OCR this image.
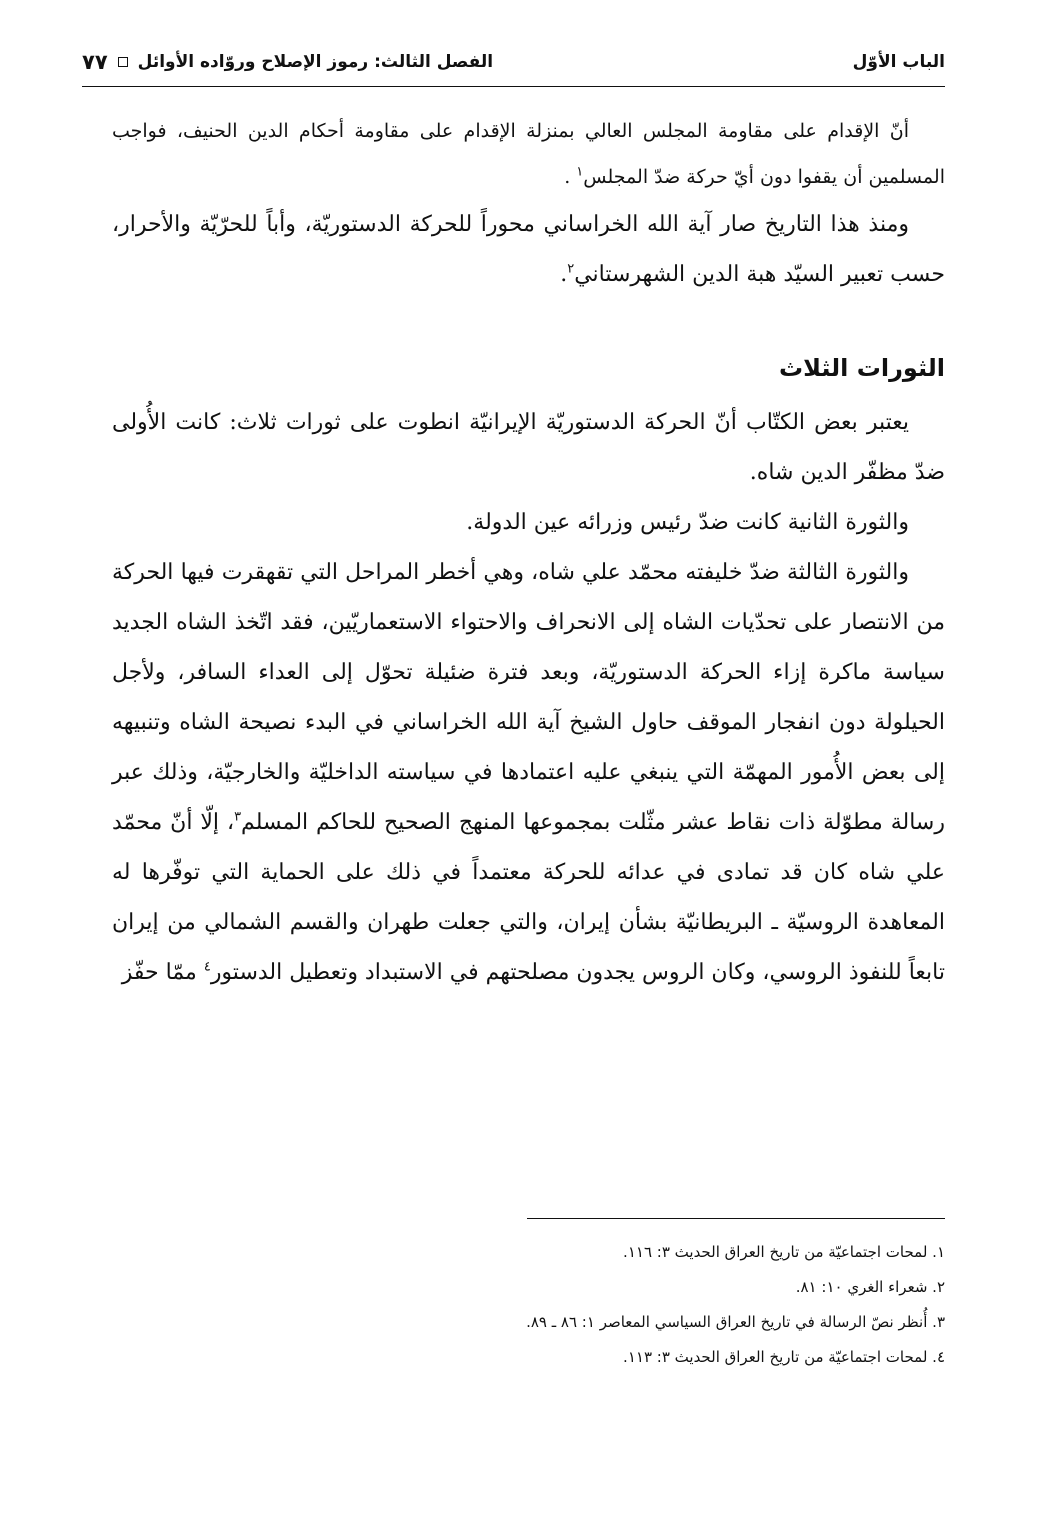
الباب الأوّل
الفصل الثالث: رموز الإصلاح وروّاده الأوائل
٧٧

أنّ الإقدام على مقاومة المجلس العالي بمنزلة الإقدام على مقاومة أحكام الدين الحنيف، فواجب المسلمين أن يقفوا دون أيّ حركة ضدّ المجلس$^١$ .

ومنذ هذا التاريخ صار آية الله الخراساني محوراً للحركة الدستوريّة، وأباً للحرّيّة والأحرار، حسب تعبير السيّد هبة الدين الشهرستاني$^٢$.

الثورات الثلاث

يعتبر بعض الكتّاب أنّ الحركة الدستوريّة الإيرانيّة انطوت على ثورات ثلاث: كانت الأُولى ضدّ مظفّر الدين شاه.

والثورة الثانية كانت ضدّ رئيس وزرائه عين الدولة.

والثورة الثالثة ضدّ خليفته محمّد علي شاه، وهي أخطر المراحل التي تقهقرت فيها الحركة من الانتصار على تحدّيات الشاه إلى الانحراف والاحتواء الاستعماريّين، فقد اتّخذ الشاه الجديد سياسة ماكرة إزاء الحركة الدستوريّة، وبعد فترة ضئيلة تحوّل إلى العداء السافر، ولأجل الحيلولة دون انفجار الموقف حاول الشيخ آية الله الخراساني في البدء نصيحة الشاه وتنبيهه إلى بعض الأُمور المهمّة التي ينبغي عليه اعتمادها في سياسته الداخليّة والخارجيّة، وذلك عبر رسالة مطوّلة ذات نقاط عشر مثّلت بمجموعها المنهج الصحيح للحاكم المسلم$^٣$، إلّا أنّ محمّد علي شاه كان قد تمادى في عدائه للحركة معتمداً في ذلك على الحماية التي توفّرها له المعاهدة الروسيّة ـ البريطانيّة بشأن إيران، والتي جعلت طهران والقسم الشمالي من إيران تابعاً للنفوذ الروسي، وكان الروس يجدون مصلحتهم في الاستبداد وتعطيل الدستور$^٤$ ممّا حفّز

١. لمحات اجتماعيّة من تاريخ العراق الحديث ٣: ١١٦.
٢. شعراء الغري ١٠: ٨١.
٣. أُنظر نصّ الرسالة في تاريخ العراق السياسي المعاصر ١: ٨٦ ـ ٨٩.
٤. لمحات اجتماعيّة من تاريخ العراق الحديث ٣: ١١٣.
